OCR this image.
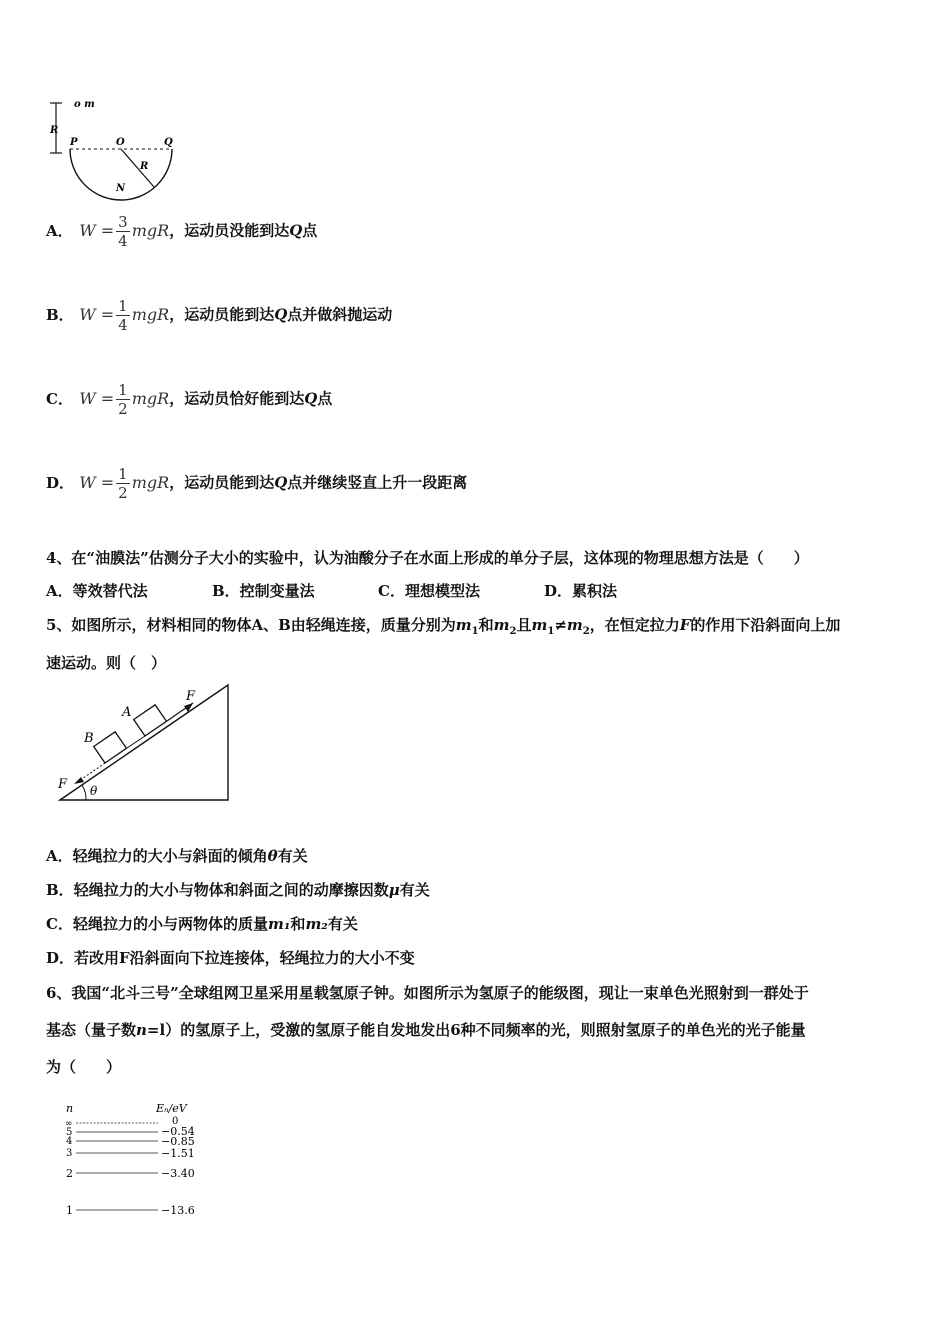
o m
R
P	O	Q
R
N
A． $W = \frac{3}{4}$ mgR，运动员没能到达Q点
B． $W = \frac{1}{4}$ mgR，运动员能到达Q点并做斜抛运动
C． $W = \frac{1}{2}$ mgR，运动员恰好能到达Q点
D． $W = \frac{1}{2}$ mgR，运动员能到达Q点并继续竖直上升一段距离
4、在“油膜法”估测分子大小的实验中，认为油酸分子在水面上形成的单分子层，这体现的物理思想方法是（　　）
A．等效替代法	B．控制变量法	C．理想模型法	D．累积法
5、如图所示，材料相同的物体A、B由轻绳连接，质量分别为$m_1$和$m_2$且$m_1\ne m_2$，在恒定拉力F的作用下沿斜面向上加
A
B
F
F θ
速运动。则（　）
A．轻绳拉力的大小与斜面的倾角θ有关
B．轻绳拉力的大小与物体和斜面之间的动摩擦因数μ有关
C．轻绳拉力的小与两物体的质量m₁和m₂有关
D．若改用F沿斜面向下拉连接体，轻绳拉力的大小不变
6、我国“北斗三号”全球组网卫星采用星载氢原子钟。如图所示为氢原子的能级图，现让一束单色光照射到一群处于
基态（量子数n=l）的氢原子上，受激的氢原子能自发地发出6种不同频率的光，则照射氢原子的单色光的光子能量
为（　　）
n	Eₙ/eV
∞	0
5	−0.54
4	−0.85
3	−1.51
2	−3.40
1	−13.6
